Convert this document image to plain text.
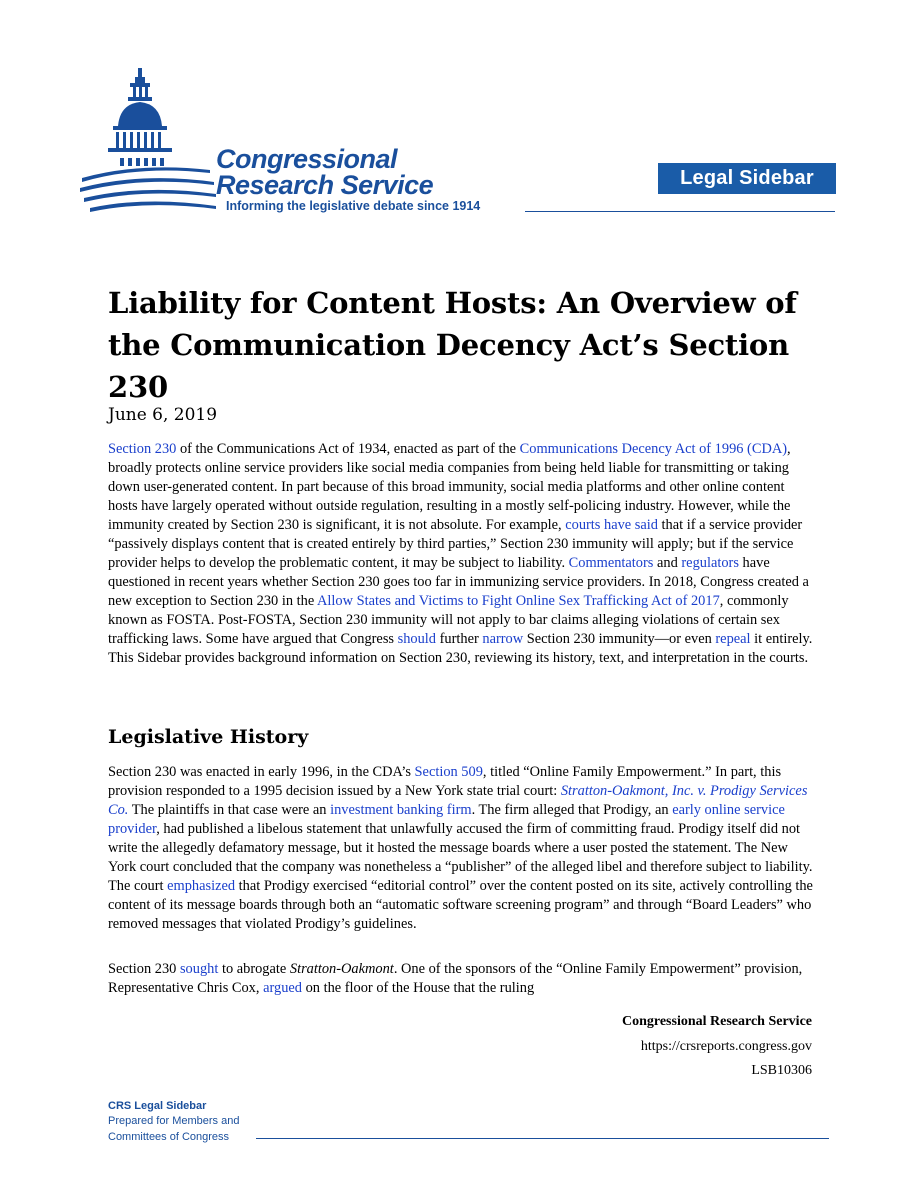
Congressional
Research Service
Informing the legislative debate since 1914
Legal Sidebar
Liability for Content Hosts: An Overview of
the Communication Decency Act’s Section 230
June 6, 2019

Section 230 of the Communications Act of 1934, enacted as part of the Communications Decency Act of 1996 (CDA), broadly protects online service providers like social media companies from being held liable for transmitting or taking down user-generated content. In part because of this broad immunity, social media platforms and other online content hosts have largely operated without outside regulation, resulting in a mostly self-policing industry. However, while the immunity created by Section 230 is significant, it is not absolute. For example, courts have said that if a service provider “passively displays content that is created entirely by third parties,” Section 230 immunity will apply; but if the service provider helps to develop the problematic content, it may be subject to liability. Commentators and regulators have questioned in recent years whether Section 230 goes too far in immunizing service providers. In 2018, Congress created a new exception to Section 230 in the Allow States and Victims to Fight Online Sex Trafficking Act of 2017, commonly known as FOSTA. Post-FOSTA, Section 230 immunity will not apply to bar claims alleging violations of certain sex trafficking laws. Some have argued that Congress should further narrow Section 230 immunity—or even repeal it entirely. This Sidebar provides background information on Section 230, reviewing its history, text, and interpretation in the courts.

Legislative History

Section 230 was enacted in early 1996, in the CDA’s Section 509, titled “Online Family Empowerment.” In part, this provision responded to a 1995 decision issued by a New York state trial court: Stratton-Oakmont, Inc. v. Prodigy Services Co. The plaintiffs in that case were an investment banking firm. The firm alleged that Prodigy, an early online service provider, had published a libelous statement that unlawfully accused the firm of committing fraud. Prodigy itself did not write the allegedly defamatory message, but it hosted the message boards where a user posted the statement. The New York court concluded that the company was nonetheless a “publisher” of the alleged libel and therefore subject to liability. The court emphasized that Prodigy exercised “editorial control” over the content posted on its site, actively controlling the content of its message boards through both an “automatic software screening program” and through “Board Leaders” who removed messages that violated Prodigy’s guidelines.

Section 230 sought to abrogate Stratton-Oakmont. One of the sponsors of the “Online Family Empowerment” provision, Representative Chris Cox, argued on the floor of the House that the ruling

Congressional Research Service
https://crsreports.congress.gov
LSB10306
CRS Legal Sidebar
Prepared for Members and
Committees of Congress
